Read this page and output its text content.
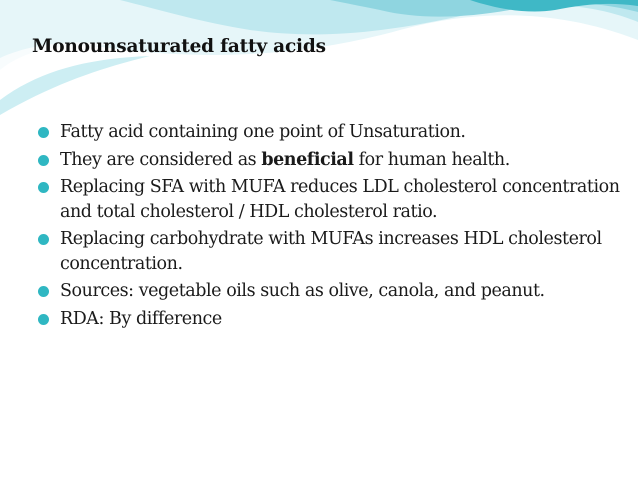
Monounsaturated fatty acids
Fatty acid containing one point of Unsaturation.
They are considered as beneficial for human health.
Replacing SFA with MUFA reduces LDL cholesterol concentration and total cholesterol / HDL cholesterol ratio.
Replacing carbohydrate with MUFAs increases HDL cholesterol concentration.
Sources: vegetable oils such as olive, canola, and peanut.
RDA: By difference
